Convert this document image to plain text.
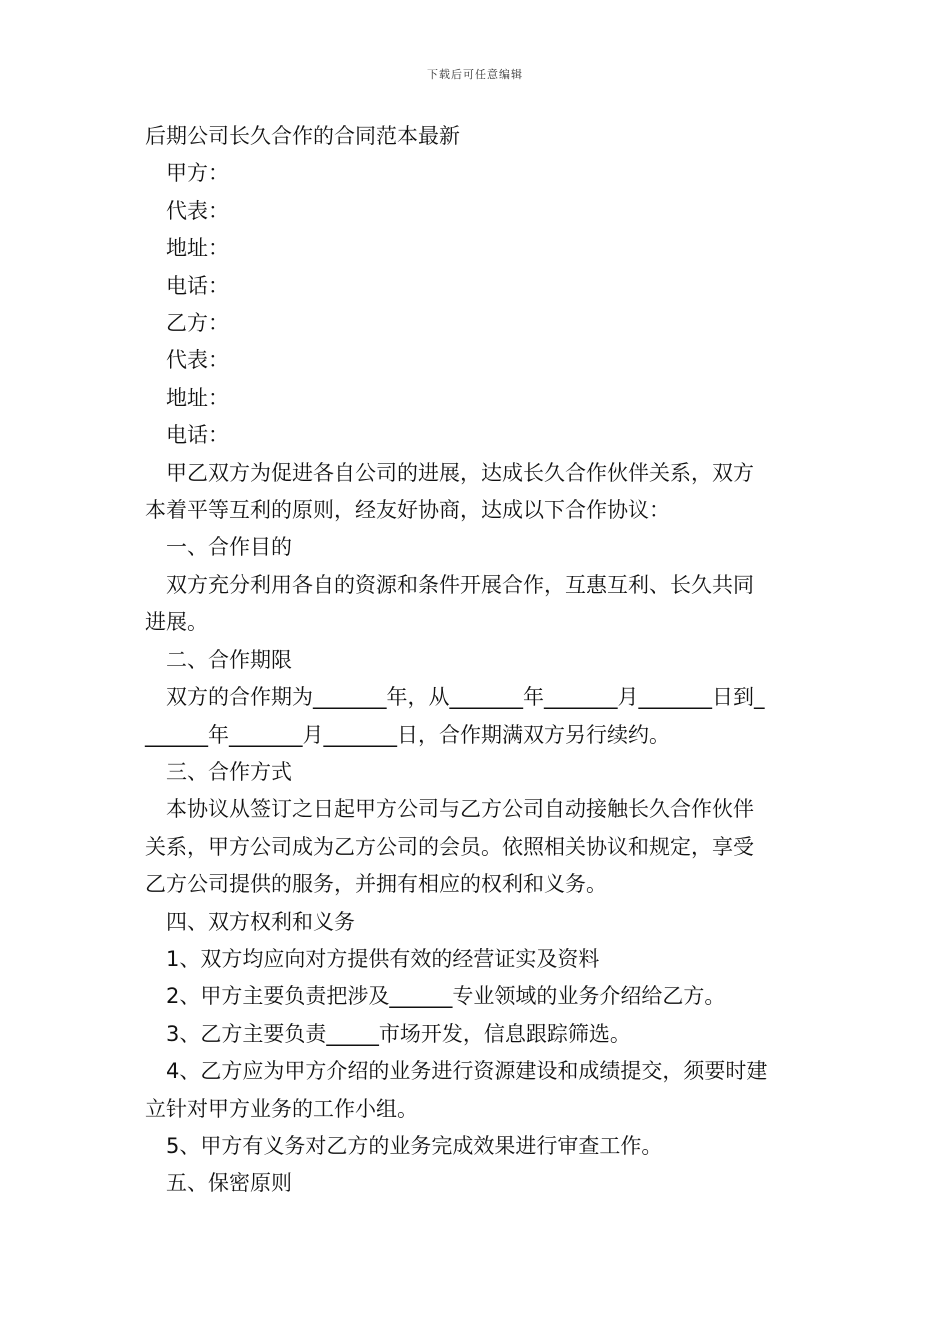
下载后可任意编辑

后期公司长久合作的合同范本最新

甲方：

代表：

地址：

电话：

乙方：

代表：

地址：

电话：

甲乙双方为促进各自公司的进展，达成长久合作伙伴关系，双方

本着平等互利的原则，经友好协商，达成以下合作协议：

一、合作目的

双方充分利用各自的资源和条件开展合作，互惠互利、长久共同

进展。

二、合作期限

双方的合作期为_______年，从_______年_______月_______日到_

______年_______月_______日，合作期满双方另行续约。

三、合作方式

本协议从签订之日起甲方公司与乙方公司自动接触长久合作伙伴

关系，甲方公司成为乙方公司的会员。依照相关协议和规定，享受

乙方公司提供的服务，并拥有相应的权利和义务。

四、双方权利和义务

1、双方均应向对方提供有效的经营证实及资料

2、甲方主要负责把涉及______专业领域的业务介绍给乙方。

3、乙方主要负责_____市场开发，信息跟踪筛选。

4、乙方应为甲方介绍的业务进行资源建设和成绩提交，须要时建

立针对甲方业务的工作小组。

5、甲方有义务对乙方的业务完成效果进行审查工作。

五、保密原则
